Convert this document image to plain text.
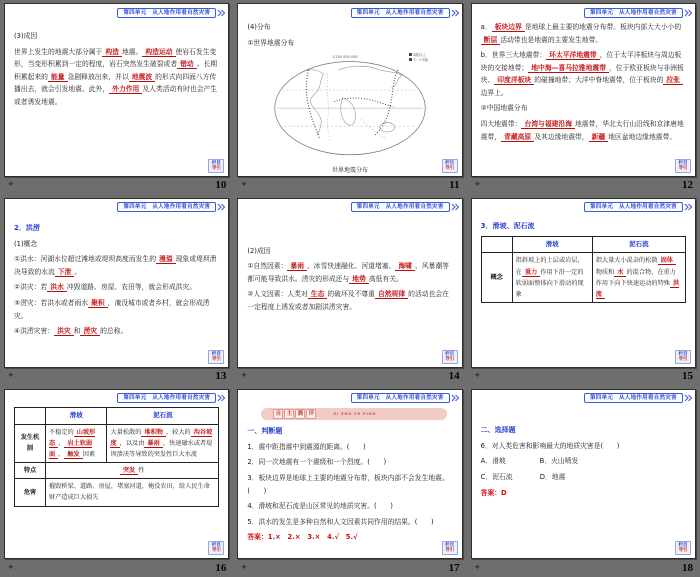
第四单元　从人地作用看自然灾害
(3)成因
世界上发生的地震大部分属于 构造 地震。 构造运动 使岩石发生变形，当变形积累到一定的程度，岩石突然发生破裂或者 错动 。长期积累起来的 能量 急剧释放出来，并以 地震波 的形式向四面八方传播出去，就会引发地震。此外， 外力作用 及人类活动有时也会产生或者诱发地震。
栏目
导引
✦	10
第四单元　从人地作用看自然灾害
(4)分布
①世界地震分布
1:200 000 000	8级以上
7～7.9级
世界地震分布
栏目
导引
✦	11
第四单元　从人地作用看自然灾害
a． 板块边界 是地球上最主要的地震分布带。板块内部大大小小的断层 活动带也是地震的主要发生地带。
b．世界三大地震带： 环太平洋地震带 ，位于太平洋板块与周边板块的交接地带； 地中海—喜马拉雅地震带 ，位于欧亚板块与非洲板块、 印度洋板块 的碰撞地带；大洋中脊地震带，位于板块的 拉张边界上。
②中国地震分布
四大地震带： 台湾与福建沿海 地震带，华北太行山沿线和京津唐地震带， 青藏高原 及其边缘地震带， 新疆 地区盆地边缘地震带。
栏目
导引
✦	12
第四单元　从人地作用看自然灾害
2．洪涝
(1)概念
①洪水：河湖水位超过滩地或堤坝高度而发生的 漫溢 现象或堤坝溃决导致的水流 下泄 。
②洪灾：若 洪水 冲毁道路、房屋、农田等，就会形成洪灾。
③涝灾：若洪水或者雨水 聚积 ，淹没城市或者乡村，就会形成涝灾。
④洪涝灾害： 洪灾 和 涝灾 的总称。
栏目
导引
✦	13
第四单元　从人地作用看自然灾害
(2)成因
①自然因素： 暴雨 、冰雪快速融化、河道堵塞、 海啸 、风暴潮等都可能导致洪水。涝灾的形成还与 地势 高低有关。
②人文因素：人类对 生态 的破坏及不尊重 自然规律 的活动也会在一定程度上诱发或者加剧洪涝灾害。
栏目
导引
✦	14
第四单元　从人地作用看自然灾害
3．滑坡、泥石流
	滑坡	泥石流
概念	指斜坡上的土层或岩层，在 重力 作用下沿一定的软弱面整体向下滑动的现象	指大量大小混杂的松散 固体物质和 水 的混合物，在重力作用下向下快速运动的特殊 洪流
栏目
导引
✦	15
第四单元　从人地作用看自然灾害
	滑坡	泥石流
发生机制	不稳定的 山坡形态 、 岩土软弱面 、 触发 因素	大量松散的 堆积物 ，较大的 沟谷坡度 ，以及由 暴雨 、快速融水或者堤坝溃决等导致的突发性巨大水流
特点	突发 性	
危害	摧毁桥梁、道路、房屋，堵塞河道，掩没农田，给人民生命财产造成巨大损失	
栏目
导引
✦	16
第四单元　从人地作用看自然灾害
自 主 测 评	ZI ZHU CE PING
一、判断题
1．震中距指震中到震源的距离。(　　)
2．同一次地震有一个震级和一个烈度。(　　)
3．板块边界是地球上主要的地震分布带，板块内部不会发生地震。(　　)
4．滑坡和泥石流是山区常见的地质灾害。(　　)
5．洪水的发生是多种自然和人文因素共同作用的结果。(　　)
答案：1.×　2.×　3.×　4.√　5.√
栏目
导引
✦	17
第四单元　从人地作用看自然灾害
二、选择题
6．对人类危害和影响最大的地质灾害是(　　)
A．滑坡　　　　　B．火山喷发
C．泥石流　　　　D．地震
答案：D
栏目
导引
✦	18
